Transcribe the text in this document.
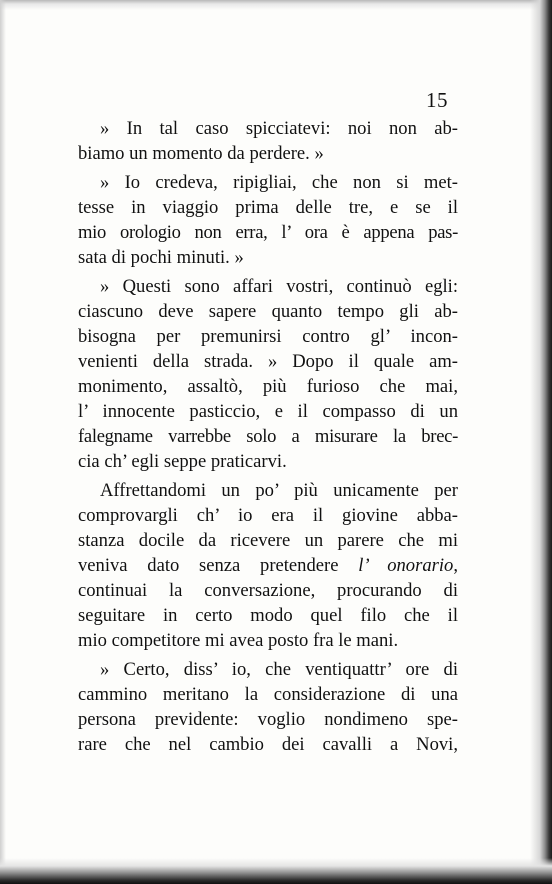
15
» In tal caso spicciatevi: noi non ab-
biamo un momento da perdere. »
» Io credeva, ripigliai, che non si met-
tesse in viaggio prima delle tre, e se il
mio orologio non erra, l’ ora è appena pas-
sata di pochi minuti. »
» Questi sono affari vostri, continuò egli:
ciascuno deve sapere quanto tempo gli ab-
bisogna per premunirsi contro gl’ incon-
venienti della strada. » Dopo il quale am-
monimento, assaltò, più furioso che mai,
l’ innocente pasticcio, e il compasso di un
falegname varrebbe solo a misurare la brec-
cia ch’ egli seppe praticarvi.
Affrettandomi un po’ più unicamente per
comprovargli ch’ io era il giovine abba-
stanza docile da ricevere un parere che mi
veniva dato senza pretendere l’ onorario,
continuai la conversazione, procurando di
seguitare in certo modo quel filo che il
mio competitore mi avea posto fra le mani.
» Certo, diss’ io, che ventiquattr’ ore di
cammino meritano la considerazione di una
persona previdente: voglio nondimeno spe-
rare che nel cambio dei cavalli a Novi,
